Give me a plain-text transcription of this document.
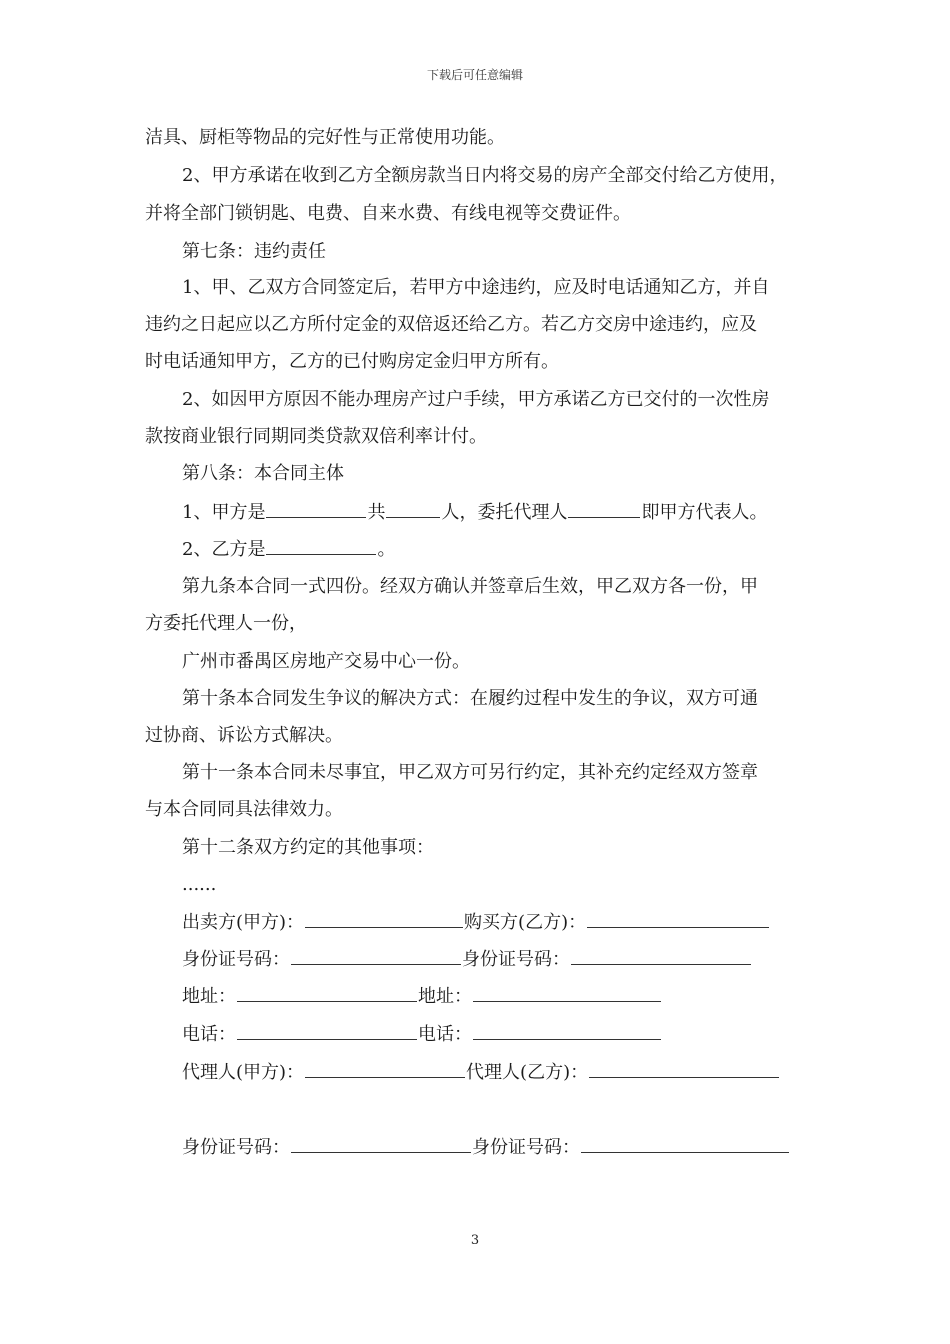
下载后可任意编辑
洁具、厨柜等物品的完好性与正常使用功能。
2、甲方承诺在收到乙方全额房款当日内将交易的房产全部交付给乙方使用，
并将全部门锁钥匙、电费、自来水费、有线电视等交费证件。
第七条：违约责任
1、甲、乙双方合同签定后，若甲方中途违约，应及时电话通知乙方，并自
违约之日起应以乙方所付定金的双倍返还给乙方。若乙方交房中途违约，应及
时电话通知甲方，乙方的已付购房定金归甲方所有。
2、如因甲方原因不能办理房产过户手续，甲方承诺乙方已交付的一次性房
款按商业银行同期同类贷款双倍利率计付。
第八条：本合同主体
1、甲方是	共	人，委托代理人	即甲方代表人。
2、乙方是	。
第九条本合同一式四份。经双方确认并签章后生效，甲乙双方各一份，甲
方委托代理人一份，
广州市番禺区房地产交易中心一份。
第十条本合同发生争议的解决方式：在履约过程中发生的争议，双方可通
过协商、诉讼方式解决。
第十一条本合同未尽事宜，甲乙双方可另行约定，其补充约定经双方签章
与本合同同具法律效力。
第十二条双方约定的其他事项：
......
出卖方(甲方)：	购买方(乙方)：
身份证号码：	身份证号码：
地址：	地址：
电话：	电话：
代理人(甲方)：	代理人(乙方)：
身份证号码：	身份证号码：
3
